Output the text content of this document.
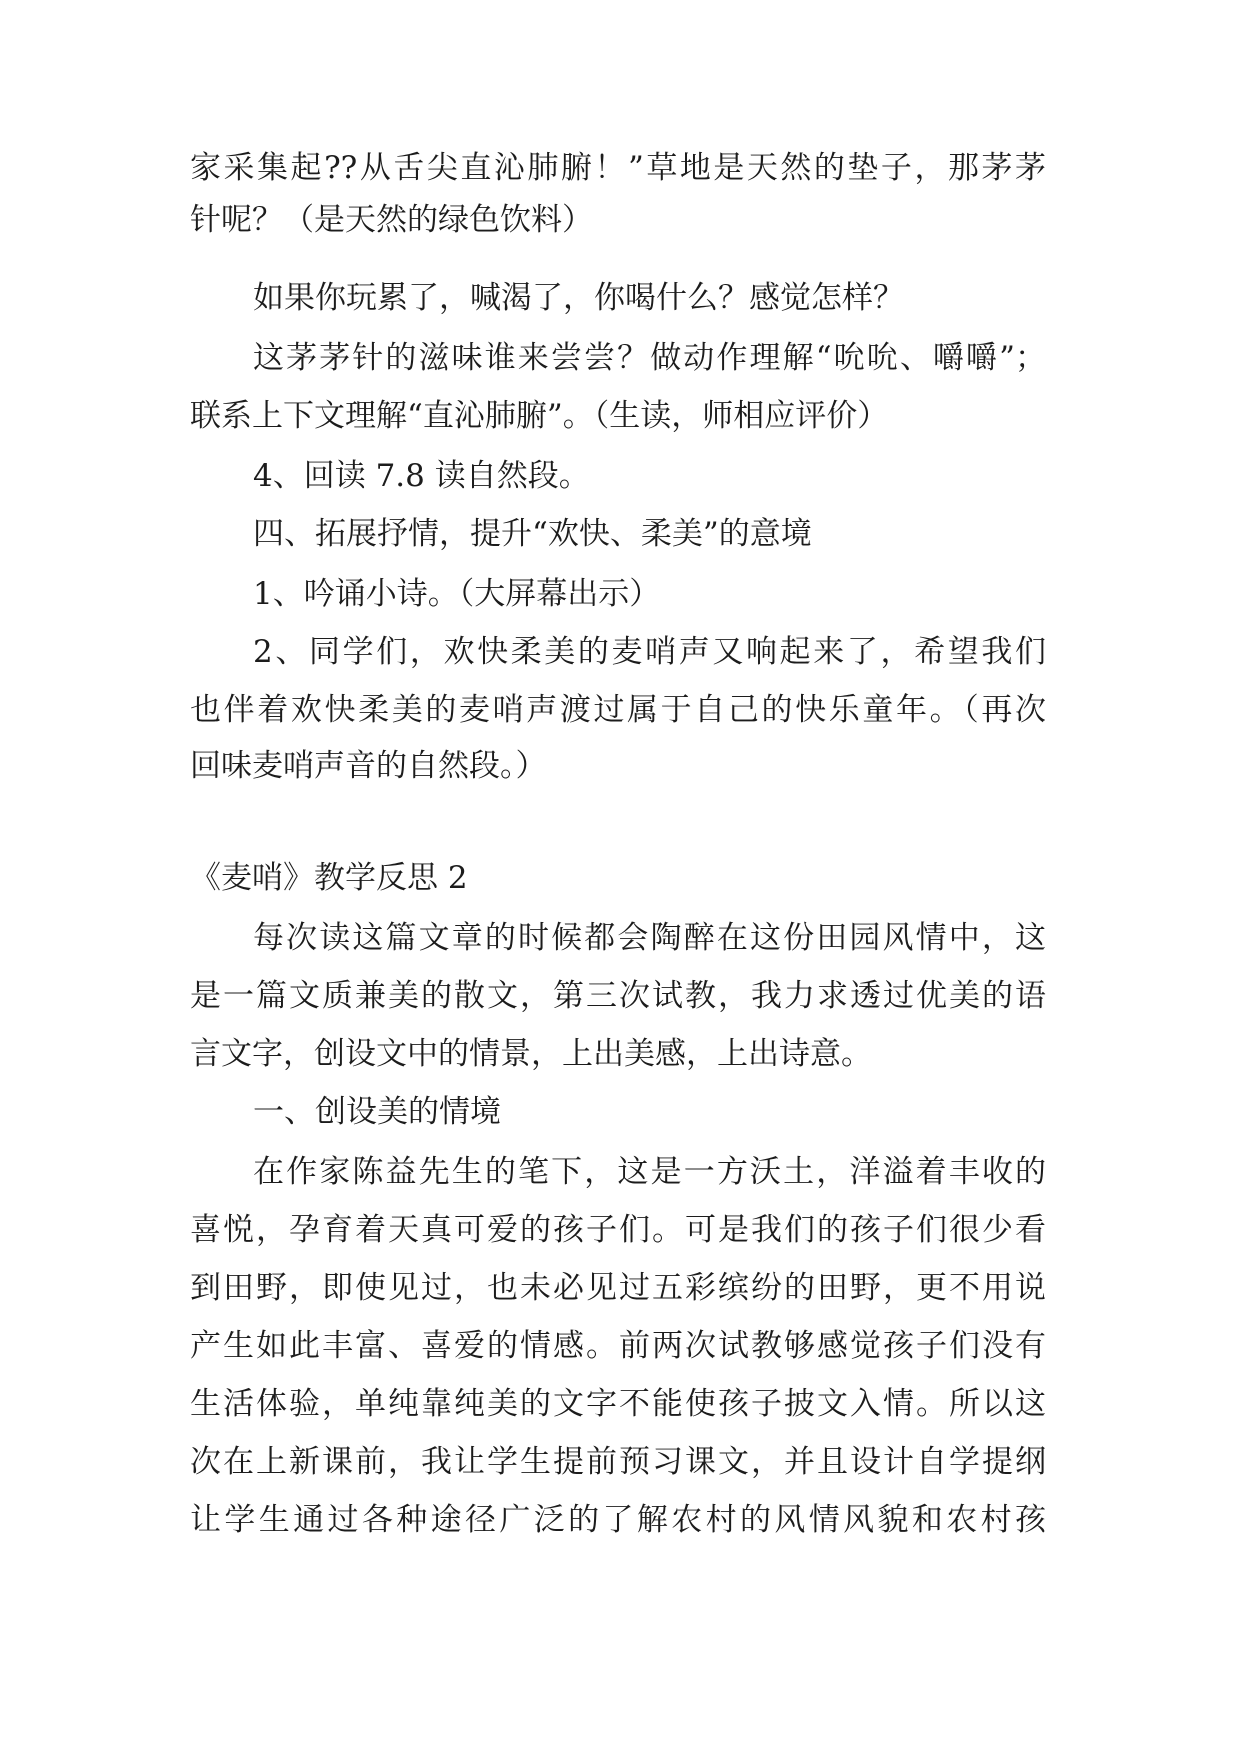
家采集起??从舌尖直沁肺腑！”草地是天然的垫子，那茅茅
针呢？（是天然的绿色饮料）
如果你玩累了，喊渴了，你喝什么？感觉怎样？
这茅茅针的滋味谁来尝尝？做动作理解“吮吮、嚼嚼”；
联系上下文理解“直沁肺腑”。（生读，师相应评价）
4、回读 7.8 读自然段。
四、拓展抒情，提升“欢快、柔美”的意境
1、吟诵小诗。（大屏幕出示）
2、同学们，欢快柔美的麦哨声又响起来了，希望我们
也伴着欢快柔美的麦哨声渡过属于自己的快乐童年。（再次
回味麦哨声音的自然段。）
《麦哨》教学反思 2
每次读这篇文章的时候都会陶醉在这份田园风情中，这
是一篇文质兼美的散文，第三次试教，我力求透过优美的语
言文字，创设文中的情景，上出美感，上出诗意。
一、创设美的情境
在作家陈益先生的笔下，这是一方沃土，洋溢着丰收的
喜悦，孕育着天真可爱的孩子们。可是我们的孩子们很少看
到田野，即使见过，也未必见过五彩缤纷的田野，更不用说
产生如此丰富、喜爱的情感。前两次试教够感觉孩子们没有
生活体验，单纯靠纯美的文字不能使孩子披文入情。所以这
次在上新课前，我让学生提前预习课文，并且设计自学提纲
让学生通过各种途径广泛的了解农村的风情风貌和农村孩
